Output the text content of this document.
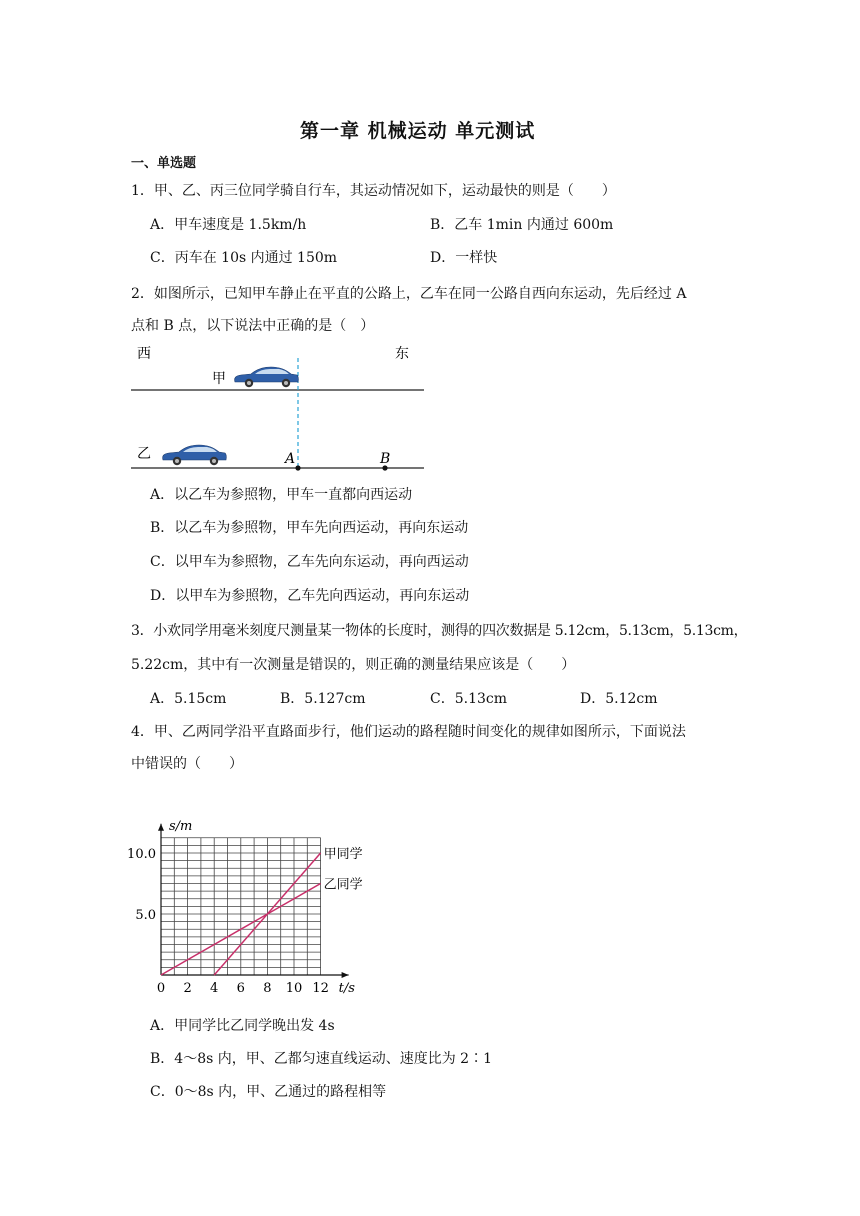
第一章 机械运动 单元测试
一、单选题
1．甲、乙、丙三位同学骑自行车，其运动情况如下，运动最快的则是（　　）
A．甲车速度是 1.5km/h	B．乙车 1min 内通过 600m
C．丙车在 10s 内通过 150m	D．一样快
2．如图所示，已知甲车静止在平直的公路上，乙车在同一公路自西向东运动，先后经过 A
点和 B 点，以下说法中正确的是（　）
西	东
甲
乙	A	B
A．以乙车为参照物，甲车一直都向西运动
B．以乙车为参照物，甲车先向西运动，再向东运动
C．以甲车为参照物，乙车先向东运动，再向西运动
D．以甲车为参照物，乙车先向西运动，再向东运动
3．小欢同学用毫米刻度尺测量某一物体的长度时，测得的四次数据是 5.12cm，5.13cm，5.13cm，
5.22cm，其中有一次测量是错误的，则正确的测量结果应该是（　　）
A．5.15cm	B．5.127cm	C．5.13cm	D．5.12cm
4．甲、乙两同学沿平直路面步行，他们运动的路程随时间变化的规律如图所示，下面说法
中错误的（　　）
0 2 4 6 8 10 12
5.0
10.0
t/s
s/m
甲同学
乙同学
A．甲同学比乙同学晚出发 4s
B．4～8s 内，甲、乙都匀速直线运动、速度比为 2∶1
C．0～8s 内，甲、乙通过的路程相等
